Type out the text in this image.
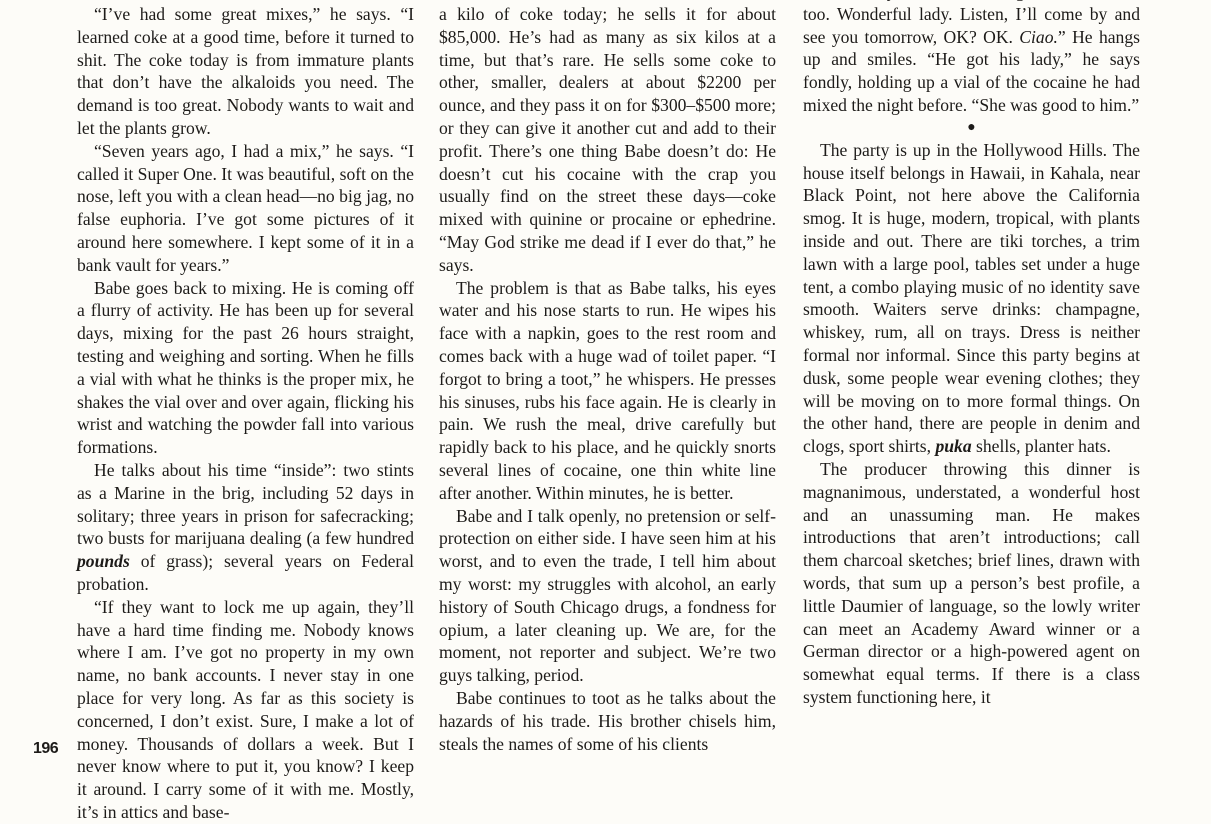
“I’ve had some great mixes,” he says. “I learned coke at a good time, before it turned to shit. The coke today is from immature plants that don’t have the alkaloids you need. The demand is too great. Nobody wants to wait and let the plants grow.

“Seven years ago, I had a mix,” he says. “I called it Super One. It was beautiful, soft on the nose, left you with a clean head—no big jag, no false euphoria. I’ve got some pictures of it around here somewhere. I kept some of it in a bank vault for years.”

Babe goes back to mixing. He is coming off a flurry of activity. He has been up for several days, mixing for the past 26 hours straight, testing and weighing and sorting. When he fills a vial with what he thinks is the proper mix, he shakes the vial over and over again, flicking his wrist and watching the powder fall into various formations.

He talks about his time “inside”: two stints as a Marine in the brig, including 52 days in solitary; three years in prison for safecracking; two busts for marijuana dealing (a few hundred pounds of grass); several years on Federal probation.

“If they want to lock me up again, they’ll have a hard time finding me. Nobody knows where I am. I’ve got no property in my own name, no bank accounts. I never stay in one place for very long. As far as this society is concerned, I don’t exist. Sure, I make a lot of money. Thousands of dollars a week. But I never know where to put it, you know? I keep it around. I carry some of it with me. Mostly, it’s in attics and base-

a kilo of coke today; he sells it for about $85,000. He’s had as many as six kilos at a time, but that’s rare. He sells some coke to other, smaller, dealers at about $2200 per ounce, and they pass it on for $300–$500 more; or they can give it another cut and add to their profit. There’s one thing Babe doesn’t do: He doesn’t cut his cocaine with the crap you usually find on the street these days—coke mixed with quinine or procaine or ephedrine. “May God strike me dead if I ever do that,” he says.

The problem is that as Babe talks, his eyes water and his nose starts to run. He wipes his face with a napkin, goes to the rest room and comes back with a huge wad of toilet paper. “I forgot to bring a toot,” he whispers. He presses his sinuses, rubs his face again. He is clearly in pain. We rush the meal, drive carefully but rapidly back to his place, and he quickly snorts several lines of cocaine, one thin white line after another. Within minutes, he is better.

Babe and I talk openly, no pretension or self-protection on either side. I have seen him at his worst, and to even the trade, I tell him about my worst: my struggles with alcohol, an early history of South Chicago drugs, a fondness for opium, a later cleaning up. We are, for the moment, not reporter and subject. We’re two guys talking, period.

Babe continues to toot as he talks about the hazards of his trade. His brother chisels him, steals the names of some of his clients

too. Wonderful lady. Listen, I’ll come by and see you tomorrow, OK? OK. Ciao.” He hangs up and smiles. “He got his lady,” he says fondly, holding up a vial of the cocaine he had mixed the night before. “She was good to him.”

●

The party is up in the Hollywood Hills. The house itself belongs in Hawaii, in Kahala, near Black Point, not here above the California smog. It is huge, modern, tropical, with plants inside and out. There are tiki torches, a trim lawn with a large pool, tables set under a huge tent, a combo playing music of no identity save smooth. Waiters serve drinks: champagne, whiskey, rum, all on trays. Dress is neither formal nor informal. Since this party begins at dusk, some people wear evening clothes; they will be moving on to more formal things. On the other hand, there are people in denim and clogs, sport shirts, puka shells, planter hats.

The producer throwing this dinner is magnanimous, understated, a wonderful host and an unassuming man. He makes introductions that aren’t introductions; call them charcoal sketches; brief lines, drawn with words, that sum up a person’s best profile, a little Daumier of language, so the lowly writer can meet an Academy Award winner or a German director or a high-powered agent on somewhat equal terms. If there is a class system functioning here, it

196
